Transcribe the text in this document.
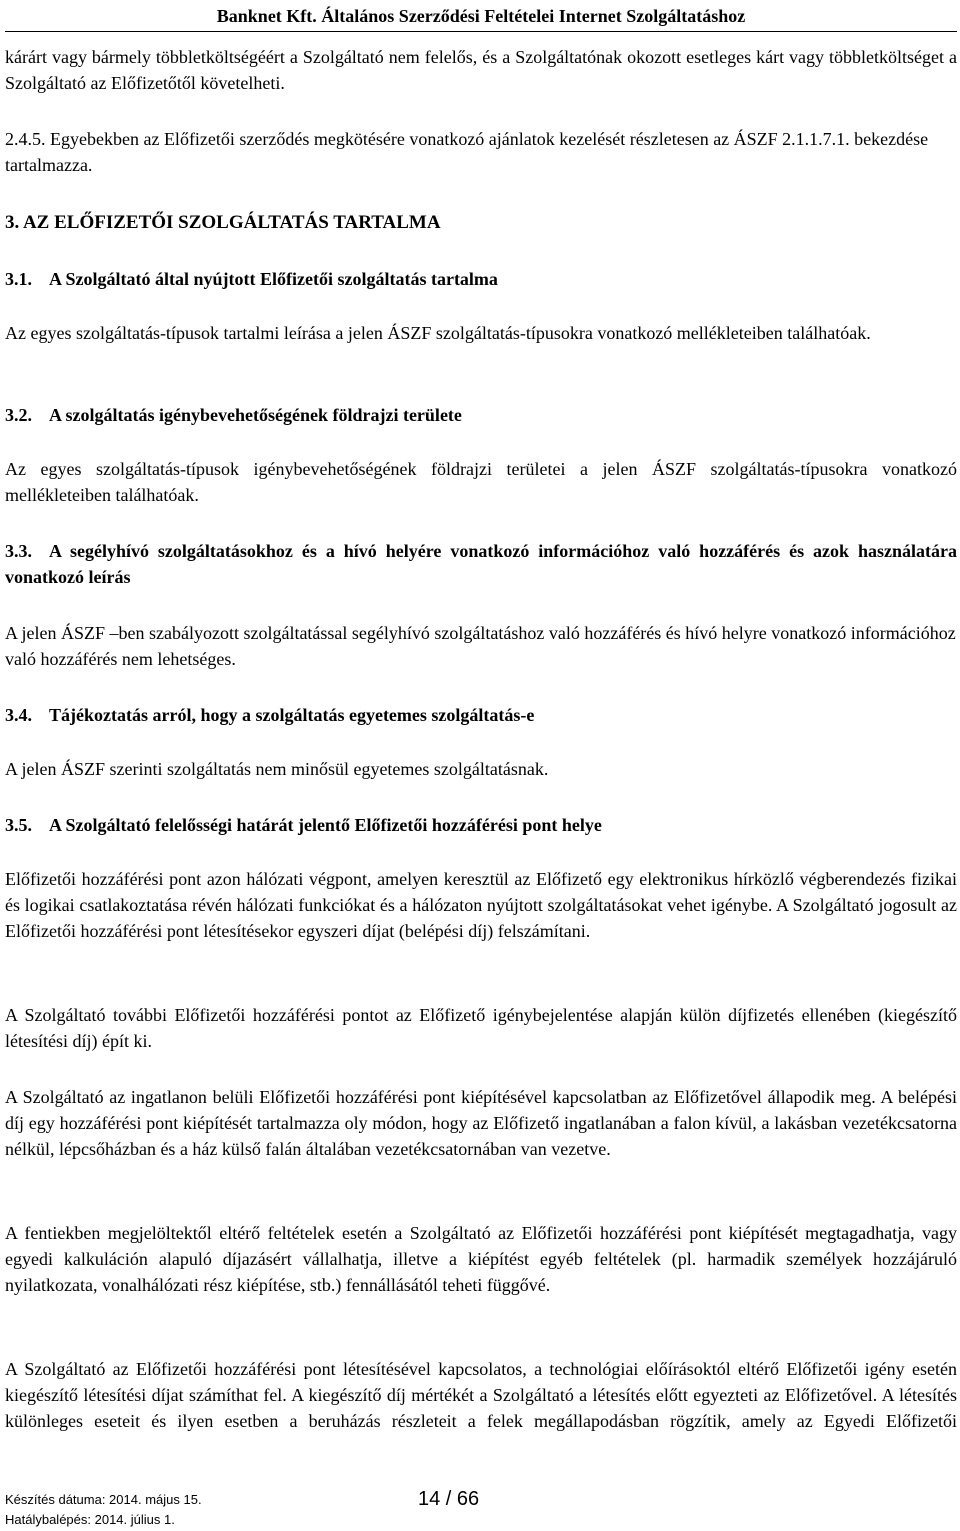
Banknet Kft. Általános Szerződési Feltételei Internet Szolgáltatáshoz

kárárt vagy bármely többletköltségéért a Szolgáltató nem felelős, és a Szolgáltatónak okozott esetleges kárt vagy többletköltséget a Szolgáltató az Előfizetőtől követelheti.

2.4.5. Egyebekben az Előfizetői szerződés megkötésére vonatkozó ajánlatok kezelését részletesen az ÁSZF 2.1.1.7.1. bekezdése tartalmazza.

3. AZ ELŐFIZETŐI SZOLGÁLTATÁS TARTALMA
3.1. A Szolgáltató által nyújtott Előfizetői szolgáltatás tartalma

Az egyes szolgáltatás-típusok tartalmi leírása a jelen ÁSZF szolgáltatás-típusokra vonatkozó mellékleteiben találhatóak.

3.2. A szolgáltatás igénybevehetőségének földrajzi területe

Az egyes szolgáltatás-típusok igénybevehetőségének földrajzi területei a jelen ÁSZF szolgáltatás-típusokra vonatkozó mellékleteiben találhatóak.

3.3. A segélyhívó szolgáltatásokhoz és a hívó helyére vonatkozó információhoz való hozzáférés és azok használatára vonatkozó leírás

A jelen ÁSZF –ben szabályozott szolgáltatással segélyhívó szolgáltatáshoz való hozzáférés és hívó helyre vonatkozó információhoz való hozzáférés nem lehetséges.

3.4. Tájékoztatás arról, hogy a szolgáltatás egyetemes szolgáltatás-e

A jelen ÁSZF szerinti szolgáltatás nem minősül egyetemes szolgáltatásnak.

3.5. A Szolgáltató felelősségi határát jelentő Előfizetői hozzáférési pont helye

Előfizetői hozzáférési pont azon hálózati végpont, amelyen keresztül az Előfizető egy elektronikus hírközlő végberendezés fizikai és logikai csatlakoztatása révén hálózati funkciókat és a hálózaton nyújtott szolgáltatásokat vehet igénybe. A Szolgáltató jogosult az Előfizetői hozzáférési pont létesítésekor egyszeri díjat (belépési díj) felszámítani.

A Szolgáltató további Előfizetői hozzáférési pontot az Előfizető igénybejelentése alapján külön díjfizetés ellenében (kiegészítő létesítési díj) épít ki.

A Szolgáltató az ingatlanon belüli Előfizetői hozzáférési pont kiépítésével kapcsolatban az Előfizetővel állapodik meg. A belépési díj egy hozzáférési pont kiépítését tartalmazza oly módon, hogy az Előfizető ingatlanában a falon kívül, a lakásban vezetékcsatorna nélkül, lépcsőházban és a ház külső falán általában vezetékcsatornában van vezetve.

A fentiekben megjelöltektől eltérő feltételek esetén a Szolgáltató az Előfizetői hozzáférési pont kiépítését megtagadhatja, vagy egyedi kalkuláción alapuló díjazásért vállalhatja, illetve a kiépítést egyéb feltételek (pl. harmadik személyek hozzájáruló nyilatkozata, vonalhálózati rész kiépítése, stb.) fennállásától teheti függővé.

A Szolgáltató az Előfizetői hozzáférési pont létesítésével kapcsolatos, a technológiai előírásoktól eltérő Előfizetői igény esetén kiegészítő létesítési díjat számíthat fel. A kiegészítő díj mértékét a Szolgáltató a létesítés előtt egyezteti az Előfizetővel. A létesítés különleges eseteit és ilyen esetben a beruházás részleteit a felek megállapodásban rögzítik, amely az Egyedi Előfizetői

Készítés dátuma: 2014. május 15.
Hatálybalépés: 2014. július 1.
14 / 66
